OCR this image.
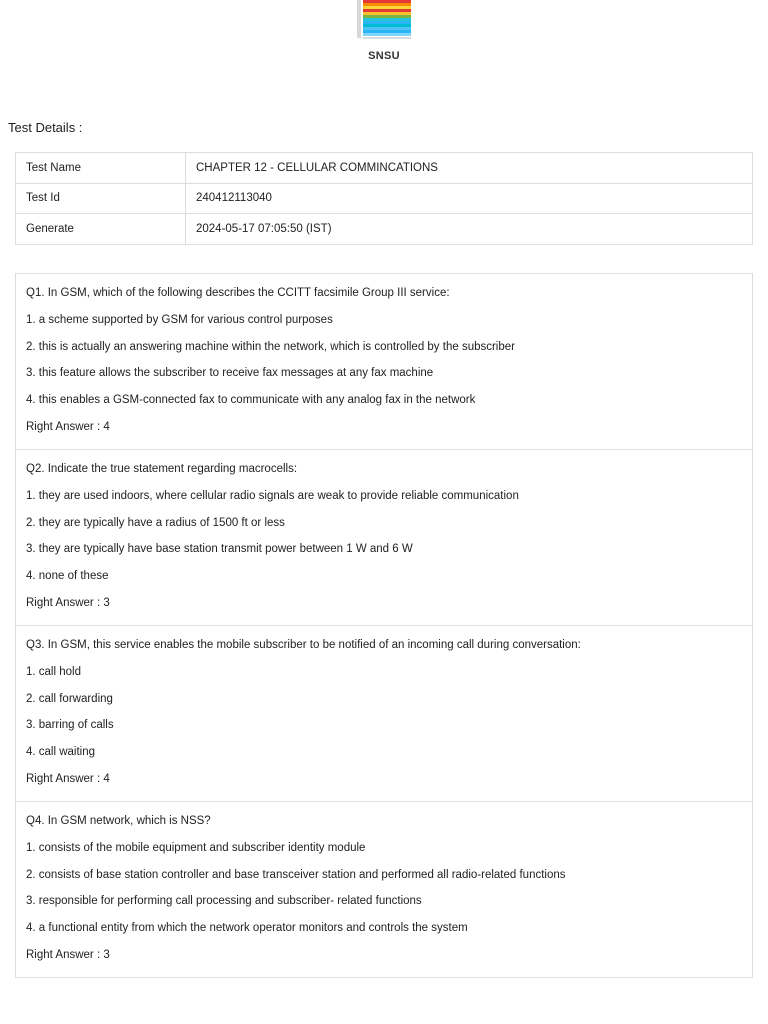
SNSU
Test Details :
Test Name	CHAPTER 12 - CELLULAR COMMINCATIONS
Test Id	240412113040
Generate	2024-05-17 07:05:50 (IST)
Q1. In GSM, which of the following describes the CCITT facsimile Group III service:
1. a scheme supported by GSM for various control purposes
2. this is actually an answering machine within the network, which is controlled by the subscriber
3. this feature allows the subscriber to receive fax messages at any fax machine
4. this enables a GSM-connected fax to communicate with any analog fax in the network
Right Answer : 4
Q2. Indicate the true statement regarding macrocells:
1. they are used indoors, where cellular radio signals are weak to provide reliable communication
2. they are typically have a radius of 1500 ft or less
3. they are typically have base station transmit power between 1 W and 6 W
4. none of these
Right Answer : 3
Q3. In GSM, this service enables the mobile subscriber to be notified of an incoming call during conversation:
1. call hold
2. call forwarding
3. barring of calls
4. call waiting
Right Answer : 4
Q4. In GSM network, which is NSS?
1. consists of the mobile equipment and subscriber identity module
2. consists of base station controller and base transceiver station and performed all radio-related functions
3. responsible for performing call processing and subscriber- related functions
4. a functional entity from which the network operator monitors and controls the system
Right Answer : 3
